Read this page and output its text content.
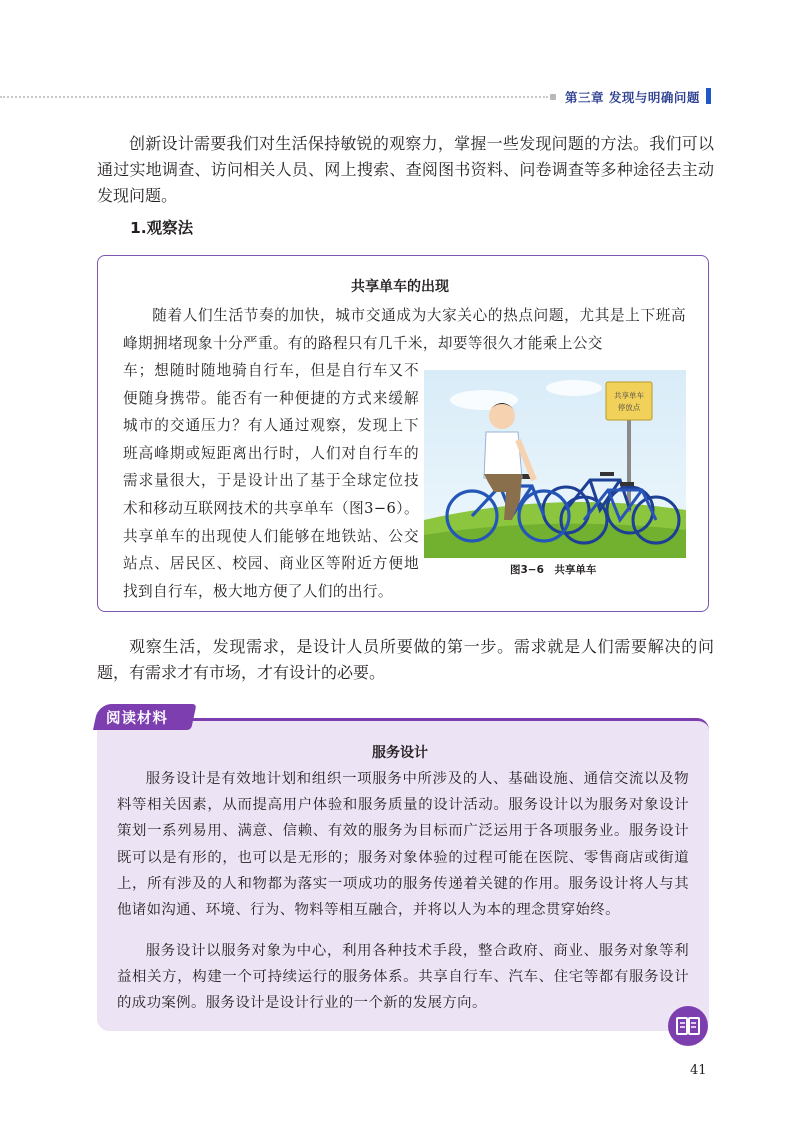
第三章 发现与明确问题

创新设计需要我们对生活保持敏锐的观察力，掌握一些发现问题的方法。我们可以通过实地调查、访问相关人员、网上搜索、查阅图书资料、问卷调查等多种途径去主动发现问题。

1.观察法
共享单车的出现

随着人们生活节奏的加快，城市交通成为大家关心的热点问题，尤其是上下班高峰期拥堵现象十分严重。有的路程只有几千米，却要等很久才能乘上公交

车；想随时随地骑自行车，但是自行车又不便随身携带。能否有一种便捷的方式来缓解城市的交通压力？有人通过观察，发现上下班高峰期或短距离出行时，人们对自行车的需求量很大，于是设计出了基于全球定位技术和移动互联网技术的共享单车（图3−6）。共享单车的出现使人们能够在地铁站、公交站点、居民区、校园、商业区等附近方便地找到自行车，极大地方便了人们的出行。

共享单车
停放点
图3−6　共享单车

观察生活，发现需求，是设计人员所要做的第一步。需求就是人们需要解决的问题，有需求才有市场，才有设计的必要。

阅读材料
服务设计

服务设计是有效地计划和组织一项服务中所涉及的人、基础设施、通信交流以及物料等相关因素，从而提高用户体验和服务质量的设计活动。服务设计以为服务对象设计策划一系列易用、满意、信赖、有效的服务为目标而广泛运用于各项服务业。服务设计既可以是有形的，也可以是无形的；服务对象体验的过程可能在医院、零售商店或街道上，所有涉及的人和物都为落实一项成功的服务传递着关键的作用。服务设计将人与其他诸如沟通、环境、行为、物料等相互融合，并将以人为本的理念贯穿始终。

服务设计以服务对象为中心，利用各种技术手段，整合政府、商业、服务对象等利益相关方，构建一个可持续运行的服务体系。共享自行车、汽车、住宅等都有服务设计的成功案例。服务设计是设计行业的一个新的发展方向。

41
